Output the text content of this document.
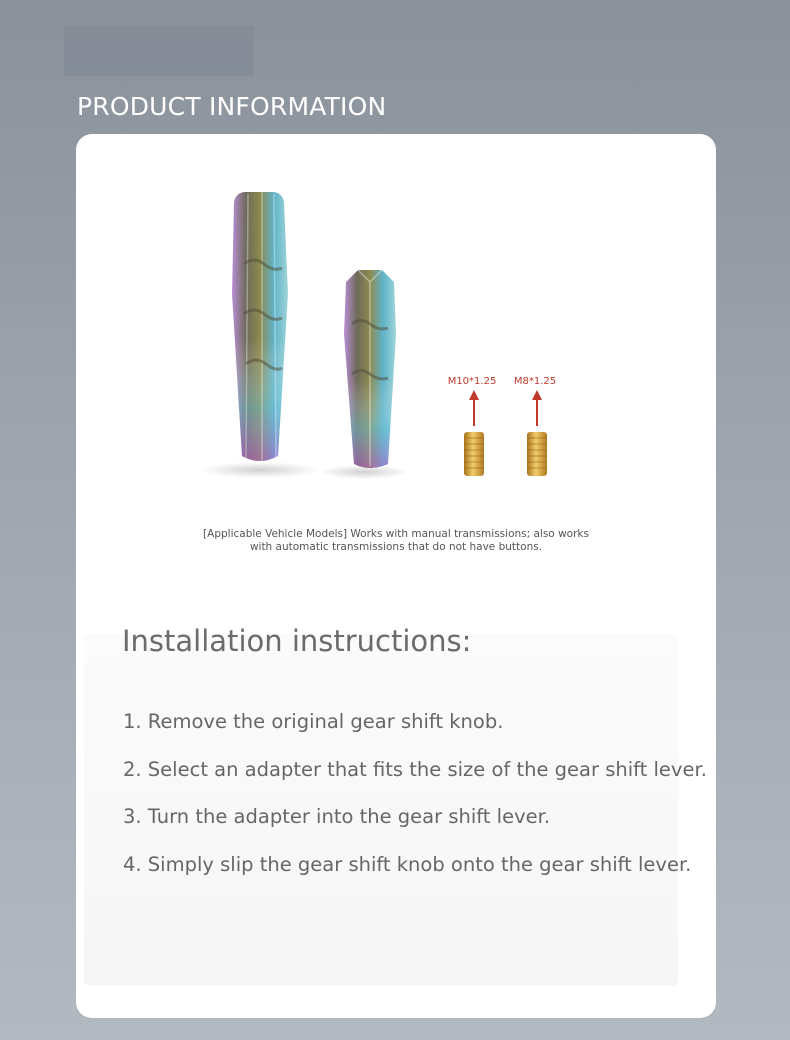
PRODUCT INFORMATION
M10*1.25 M8*1.25
[Applicable Vehicle Models] Works with manual transmissions; also works
with automatic transmissions that do not have buttons.
Installation instructions:
1. Remove the original gear shift knob.
2. Select an adapter that fits the size of the gear shift lever.
3. Turn the adapter into the gear shift lever.
4. Simply slip the gear shift knob onto the gear shift lever.
